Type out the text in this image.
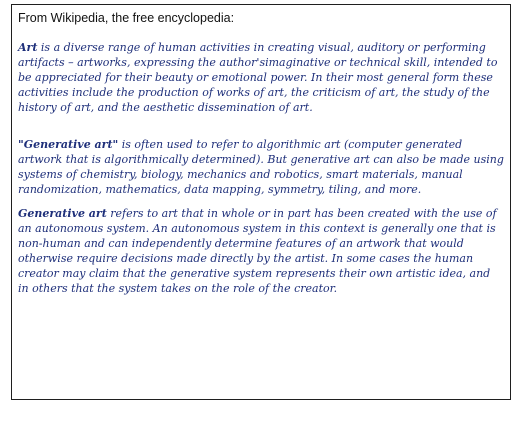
From Wikipedia, the free encyclopedia:

Art is a diverse range of human activities in creating visual, auditory or performing artifacts – artworks, expressing the author'simaginative or technical skill, intended to be appreciated for their beauty or emotional power. In their most general form these activities include the production of works of art, the criticism of art, the study of the history of art, and the aesthetic dissemination of art.

"Generative art" is often used to refer to algorithmic art (computer generated artwork that is algorithmically determined). But generative art can also be made using systems of chemistry, biology, mechanics and robotics, smart materials, manual randomization, mathematics, data mapping, symmetry, tiling, and more.

Generative art refers to art that in whole or in part has been created with the use of an autonomous system. An autonomous system in this context is generally one that is non-human and can independently determine features of an artwork that would otherwise require decisions made directly by the artist. In some cases the human creator may claim that the generative system represents their own artistic idea, and in others that the system takes on the role of the creator.
